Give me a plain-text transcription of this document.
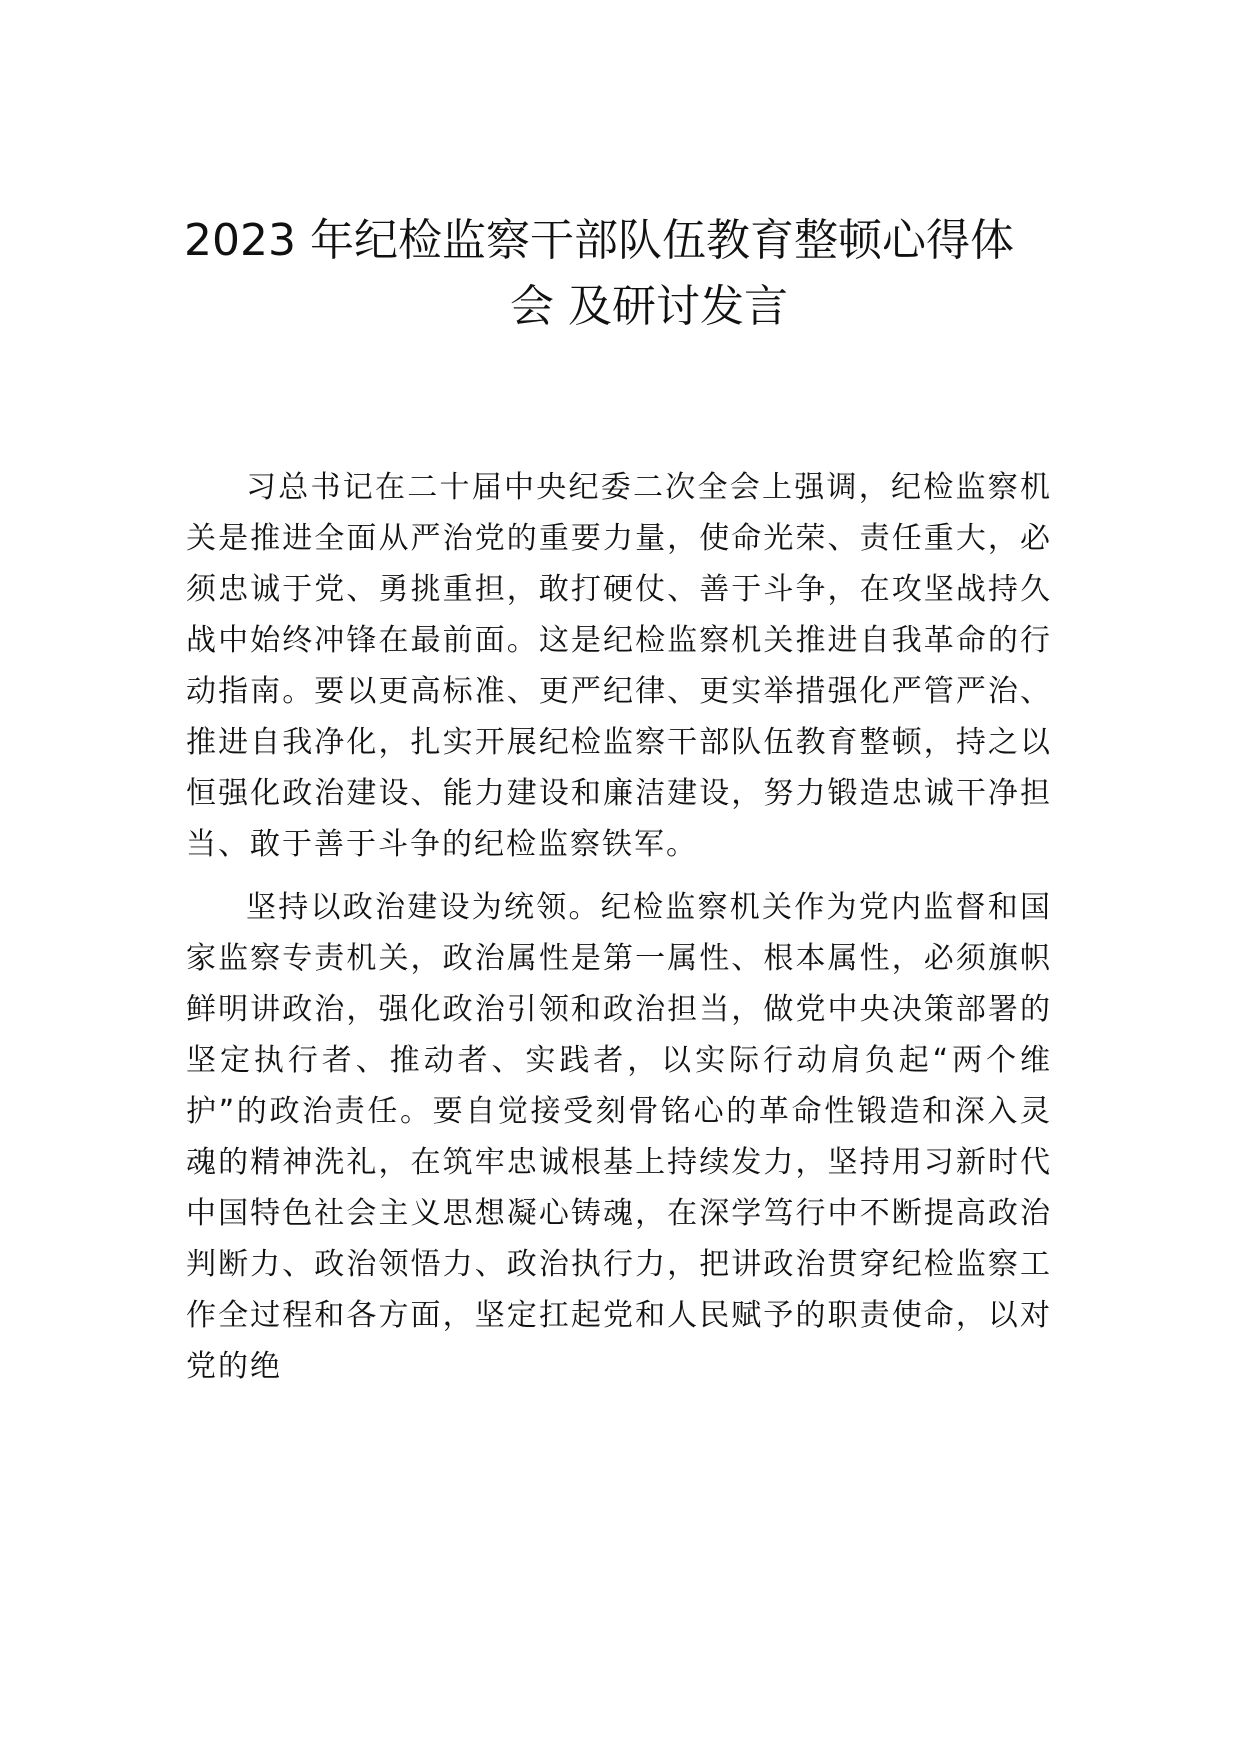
2023 年纪检监察干部队伍教育整顿心得体
会 及研讨发言

习总书记在二十届中央纪委二次全会上强调，纪检监察机关是推进全面从严治党的重要力量，使命光荣、责任重大，必须忠诚于党、勇挑重担，敢打硬仗、善于斗争，在攻坚战持久战中始终冲锋在最前面。这是纪检监察机关推进自我革命的行动指南。要以更高标准、更严纪律、更实举措强化严管严治、推进自我净化，扎实开展纪检监察干部队伍教育整顿，持之以恒强化政治建设、能力建设和廉洁建设，努力锻造忠诚干净担当、敢于善于斗争的纪检监察铁军。

坚持以政治建设为统领。纪检监察机关作为党内监督和国家监察专责机关，政治属性是第一属性、根本属性，必须旗帜鲜明讲政治，强化政治引领和政治担当，做党中央决策部署的坚定执行者、推动者、实践者，以实际行动肩负起“两个维护”的政治责任。要自觉接受刻骨铭心的革命性锻造和深入灵魂的精神洗礼，在筑牢忠诚根基上持续发力，坚持用习新时代中国特色社会主义思想凝心铸魂，在深学笃行中不断提高政治判断力、政治领悟力、政治执行力，把讲政治贯穿纪检监察工作全过程和各方面，坚定扛起党和人民赋予的职责使命，以对党的绝
